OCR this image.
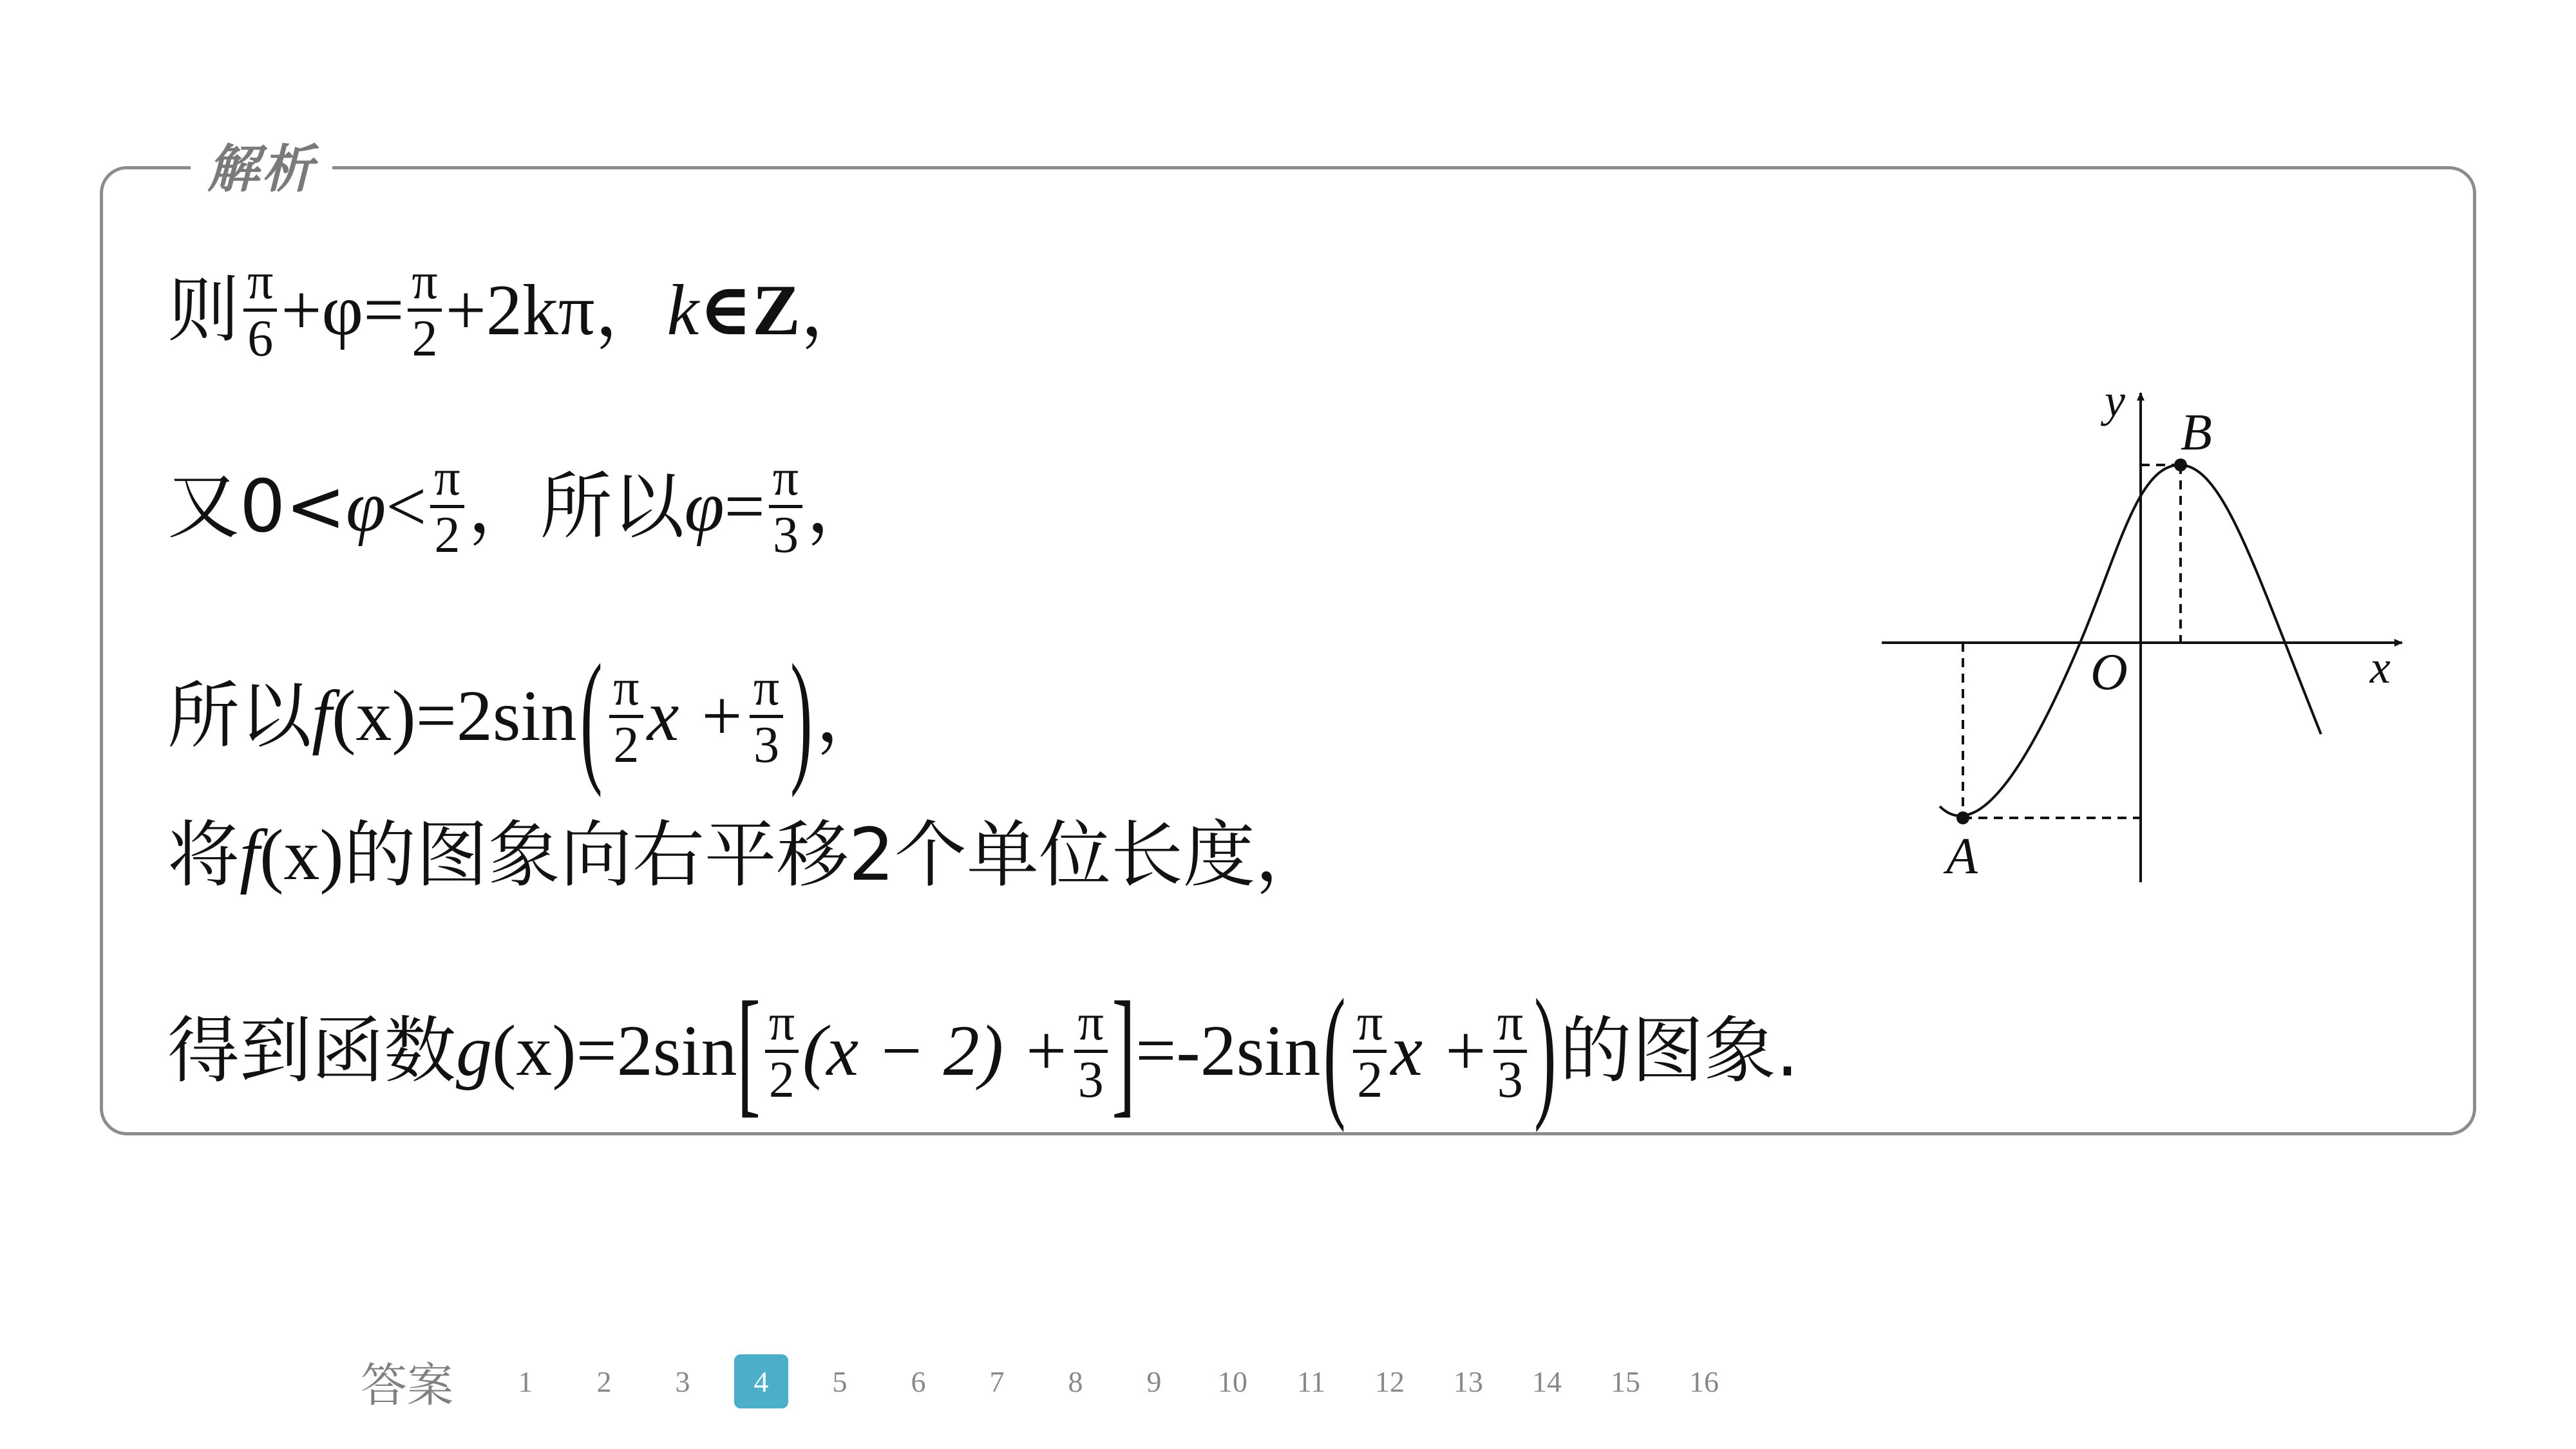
解析
则 $\frac{\pi}{6} +\varphi= \frac{\pi}{2} +2k\pi$ ， k ∈Z ，
又$0< \varphi < \frac{\pi}{2}$ ，所以 $\varphi = \frac{\pi}{3}$ ，
所以 f (x) =2sin ( $\frac{\pi}{2}$ $x + \frac{\pi}{3}$ ) ，
将 f (x) 的图象向右平移2个单位长度，
得到函数 g (x) =2sin [ $\frac{\pi}{2} (x - 2) + \frac{\pi}{3}$ ] =-2sin ( $\frac{\pi}{2}$ $x + \frac{\pi}{3}$ ) 的图象.
y
x
O
A
B
答案	1	2	3	4	5	6	7	8	9	10	11	12	13	14	15	16
